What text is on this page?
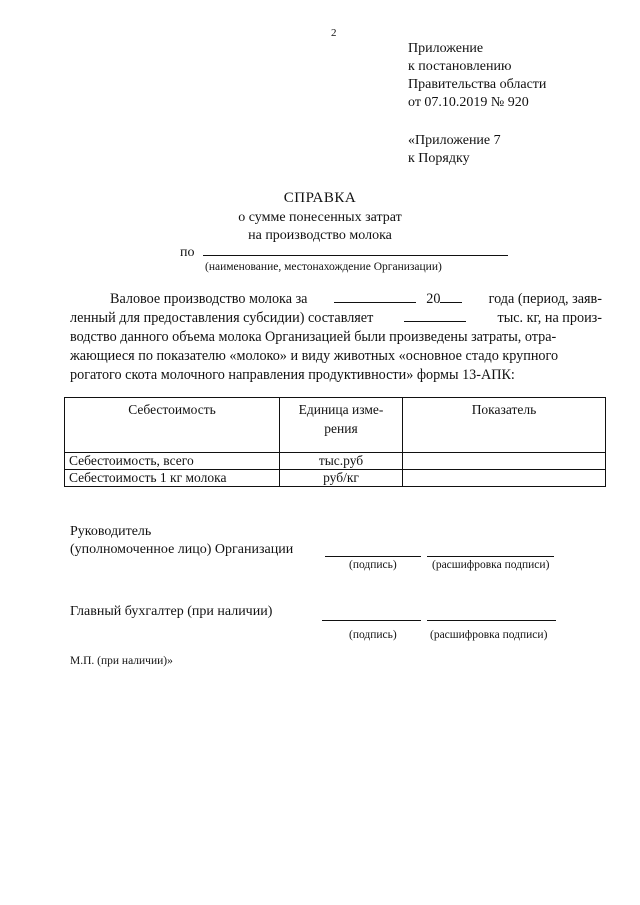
2
Приложение
к постановлению
Правительства области
от 07.10.2019 № 920
«Приложение 7
к Порядку
СПРАВКА
о сумме понесенных затрат
на производство молока
по
(наименование, местонахождение Организации)
Валовое производство молока за	20	года (период, заяв-
ленный для предоставления субсидии) составляет	тыс. кг, на произ-
водство данного объема молока Организацией были произведены затраты, отра-
жающиеся по показателю «молоко» и виду животных «основное стадо крупного
рогатого скота молочного направления продуктивности» формы 13-АПК:
Себестоимость	Единица изме-рения	Показатель
Себестоимость, всего	тыс.руб	
Себестоимость 1 кг молока	руб/кг	
Руководитель
(уполномоченное лицо) Организации
(подпись)	(расшифровка подписи)
Главный бухгалтер (при наличии)
(подпись)	(расшифровка подписи)
М.П. (при наличии)»
